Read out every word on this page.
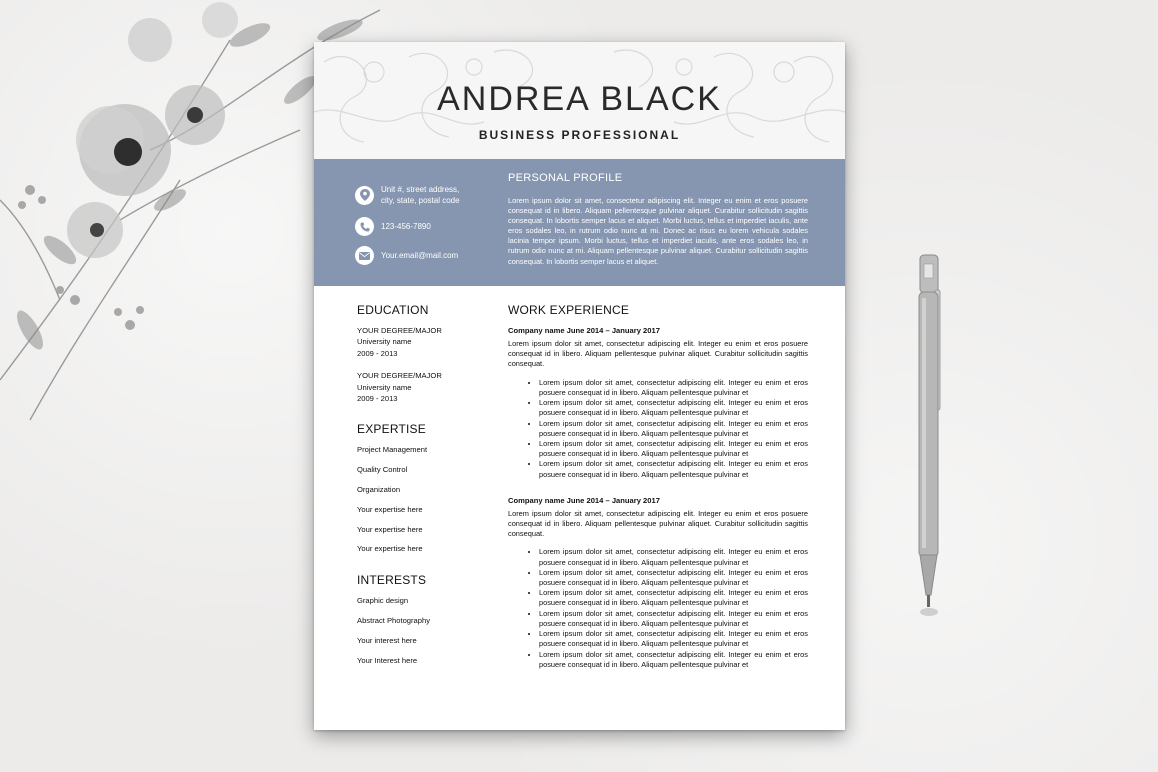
ANDREA BLACK
BUSINESS PROFESSIONAL
Unit #, street address,
city, state, postal code
123-456-7890
Your.email@mail.com
PERSONAL PROFILE
Lorem ipsum dolor sit amet, consectetur adipiscing elit. Integer eu enim et eros posuere consequat id in libero. Aliquam pellentesque pulvinar aliquet. Curabitur sollicitudin sagittis consequat. In lobortis semper lacus et aliquet. Morbi luctus, tellus et imperdiet iaculis, ante eros sodales leo, in rutrum odio nunc at mi. Donec ac risus eu lorem vehicula sodales lacinia tempor ipsum. Morbi luctus, tellus et imperdiet iaculis, ante eros sodales leo, in rutrum odio nunc at mi. Aliquam pellentesque pulvinar aliquet. Curabitur sollicitudin sagittis consequat. In lobortis semper lacus et aliquet.
EDUCATION
YOUR DEGREE/MAJOR
University name
2009 - 2013
YOUR DEGREE/MAJOR
University name
2009 - 2013
EXPERTISE
Project Management
Quality Control
Organization
Your expertise here
Your expertise here
Your expertise here
INTERESTS
Graphic design
Abstract Photography
Your interest here
Your Interest here
WORK EXPERIENCE
Company name June 2014 – January 2017
Lorem ipsum dolor sit amet, consectetur adipiscing elit. Integer eu enim et eros posuere consequat id in libero. Aliquam pellentesque pulvinar aliquet. Curabitur sollicitudin sagittis consequat.
• Lorem ipsum dolor sit amet, consectetur adipiscing elit. Integer eu enim et eros posuere consequat id in libero. Aliquam pellentesque pulvinar et
• Lorem ipsum dolor sit amet, consectetur adipiscing elit. Integer eu enim et eros posuere consequat id in libero. Aliquam pellentesque pulvinar et
• Lorem ipsum dolor sit amet, consectetur adipiscing elit. Integer eu enim et eros posuere consequat id in libero. Aliquam pellentesque pulvinar et
• Lorem ipsum dolor sit amet, consectetur adipiscing elit. Integer eu enim et eros posuere consequat id in libero. Aliquam pellentesque pulvinar et
• Lorem ipsum dolor sit amet, consectetur adipiscing elit. Integer eu enim et eros posuere consequat id in libero. Aliquam pellentesque pulvinar et
Company name June 2014 – January 2017
Lorem ipsum dolor sit amet, consectetur adipiscing elit. Integer eu enim et eros posuere consequat id in libero. Aliquam pellentesque pulvinar aliquet. Curabitur sollicitudin sagittis consequat.
• Lorem ipsum dolor sit amet, consectetur adipiscing elit. Integer eu enim et eros posuere consequat id in libero. Aliquam pellentesque pulvinar et
• Lorem ipsum dolor sit amet, consectetur adipiscing elit. Integer eu enim et eros posuere consequat id in libero. Aliquam pellentesque pulvinar et
• Lorem ipsum dolor sit amet, consectetur adipiscing elit. Integer eu enim et eros posuere consequat id in libero. Aliquam pellentesque pulvinar et
• Lorem ipsum dolor sit amet, consectetur adipiscing elit. Integer eu enim et eros posuere consequat id in libero. Aliquam pellentesque pulvinar et
• Lorem ipsum dolor sit amet, consectetur adipiscing elit. Integer eu enim et eros posuere consequat id in libero. Aliquam pellentesque pulvinar et
• Lorem ipsum dolor sit amet, consectetur adipiscing elit. Integer eu enim et eros posuere consequat id in libero. Aliquam pellentesque pulvinar et
